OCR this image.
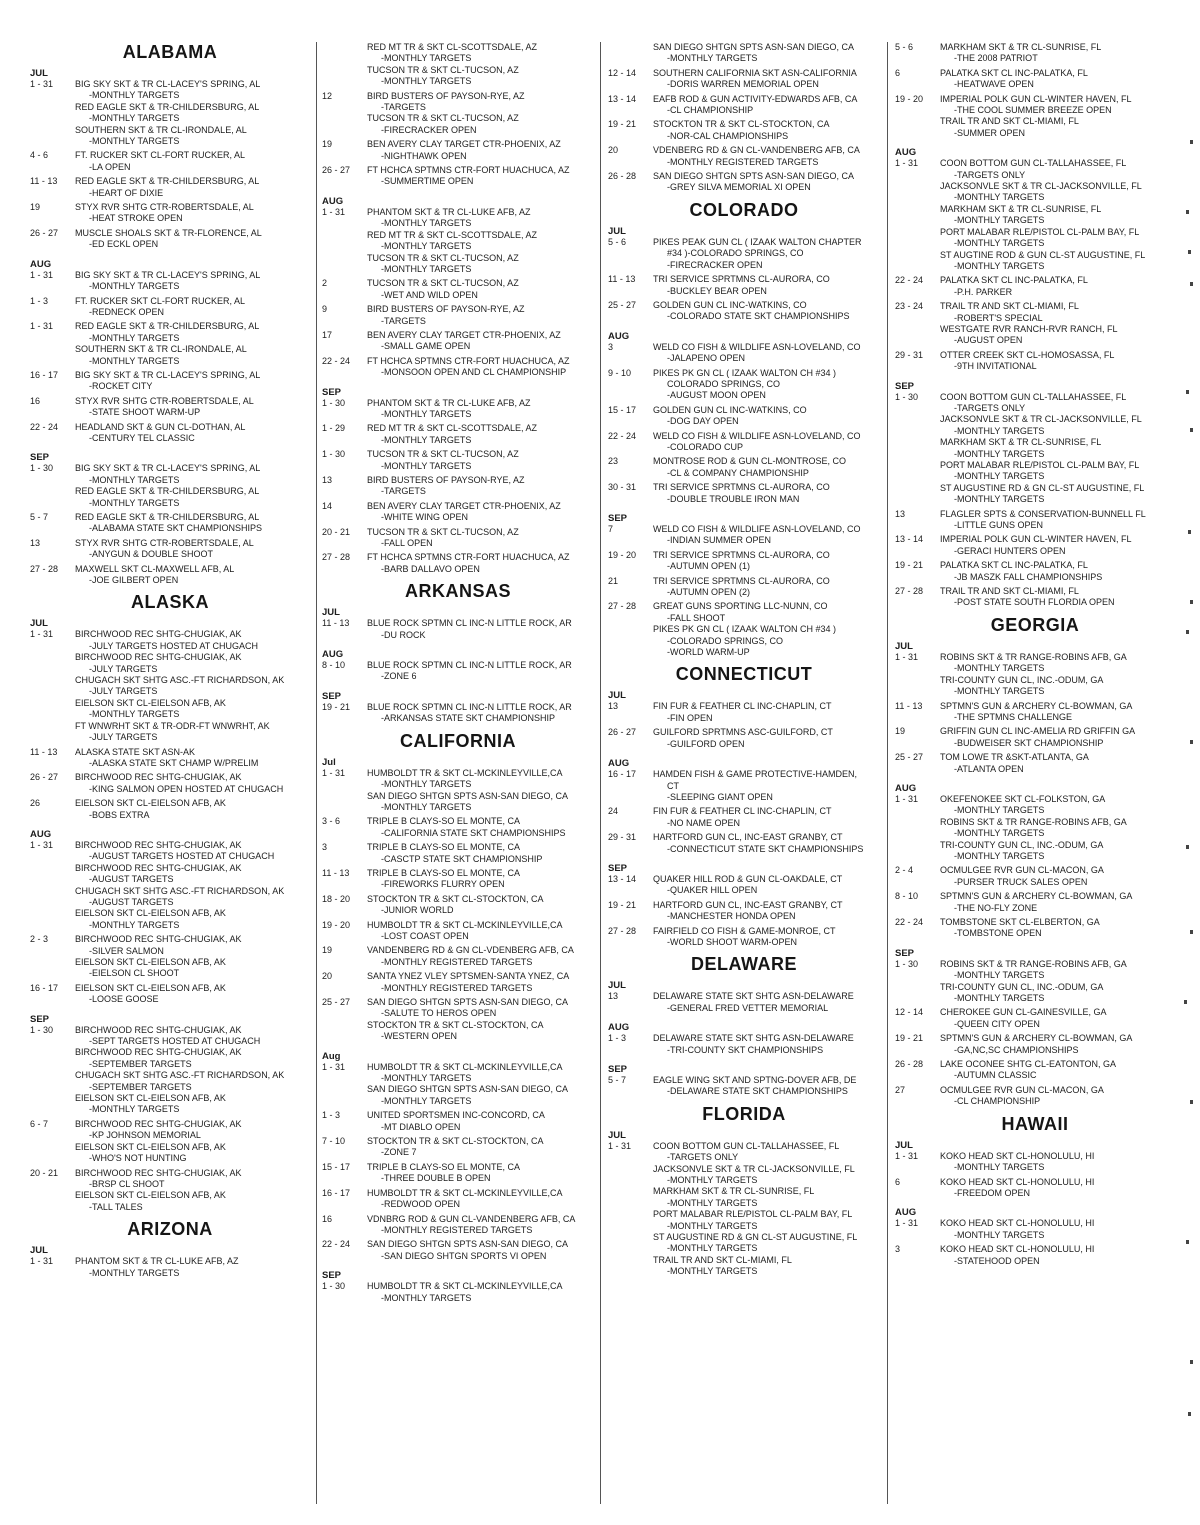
ALABAMA
JUL
1 - 31	BIG SKY SKT & TR CL-LACEY'S SPRING, AL
-MONTHLY TARGETS
RED EAGLE SKT & TR-CHILDERSBURG, AL
-MONTHLY TARGETS
SOUTHERN SKT & TR CL-IRONDALE, AL
-MONTHLY TARGETS
4 - 6	FT. RUCKER SKT CL-FORT RUCKER, AL
-LA OPEN
11 - 13	RED EAGLE SKT & TR-CHILDERSBURG, AL
-HEART OF DIXIE
19	STYX RVR SHTG CTR-ROBERTSDALE, AL
-HEAT STROKE OPEN
26 - 27	MUSCLE SHOALS SKT & TR-FLORENCE, AL
-ED ECKL OPEN
AUG
1 - 31	BIG SKY SKT & TR CL-LACEY'S SPRING, AL
-MONTHLY TARGETS
1 - 3	FT. RUCKER SKT CL-FORT RUCKER, AL
-REDNECK OPEN
1 - 31	RED EAGLE SKT & TR-CHILDERSBURG, AL
-MONTHLY TARGETS
SOUTHERN SKT & TR CL-IRONDALE, AL
-MONTHLY TARGETS
16 - 17	BIG SKY SKT & TR CL-LACEY'S SPRING, AL
-ROCKET CITY
16	STYX RVR SHTG CTR-ROBERTSDALE, AL
-STATE SHOOT WARM-UP
22 - 24	HEADLAND SKT & GUN CL-DOTHAN, AL
-CENTURY TEL CLASSIC
SEP
1 - 30	BIG SKY SKT & TR CL-LACEY'S SPRING, AL
-MONTHLY TARGETS
RED EAGLE SKT & TR-CHILDERSBURG, AL
-MONTHLY TARGETS
5 - 7	RED EAGLE SKT & TR-CHILDERSBURG, AL
-ALABAMA STATE SKT CHAMPIONSHIPS
13	STYX RVR SHTG CTR-ROBERTSDALE, AL
-ANYGUN & DOUBLE SHOOT
27 - 28	MAXWELL SKT CL-MAXWELL AFB, AL
-JOE GILBERT OPEN
ALASKA
JUL
1 - 31	BIRCHWOOD REC SHTG-CHUGIAK, AK
-JULY TARGETS HOSTED AT CHUGACH
BIRCHWOOD REC SHTG-CHUGIAK, AK
-JULY TARGETS
CHUGACH SKT SHTG ASC.-FT RICHARDSON, AK
-JULY TARGETS
EIELSON SKT CL-EIELSON AFB, AK
-MONTHLY TARGETS
FT WNWRHT SKT & TR-ODR-FT WNWRHT, AK
-JULY TARGETS
11 - 13	ALASKA STATE SKT ASN-AK
-ALASKA STATE SKT CHAMP W/PRELIM
26 - 27	BIRCHWOOD REC SHTG-CHUGIAK, AK
-KING SALMON OPEN HOSTED AT CHUGACH
26	EIELSON SKT CL-EIELSON AFB, AK
-BOBS EXTRA
AUG
1 - 31	BIRCHWOOD REC SHTG-CHUGIAK, AK
-AUGUST TARGETS HOSTED AT CHUGACH
BIRCHWOOD REC SHTG-CHUGIAK, AK
-AUGUST TARGETS
CHUGACH SKT SHTG ASC.-FT RICHARDSON, AK
-AUGUST TARGETS
EIELSON SKT CL-EIELSON AFB, AK
-MONTHLY TARGETS
2 - 3	BIRCHWOOD REC SHTG-CHUGIAK, AK
-SILVER SALMON
EIELSON SKT CL-EIELSON AFB, AK
-EIELSON CL SHOOT
16 - 17	EIELSON SKT CL-EIELSON AFB, AK
-LOOSE GOOSE
SEP
1 - 30	BIRCHWOOD REC SHTG-CHUGIAK, AK
-SEPT TARGETS HOSTED AT CHUGACH
BIRCHWOOD REC SHTG-CHUGIAK, AK
-SEPTEMBER TARGETS
CHUGACH SKT SHTG ASC.-FT RICHARDSON, AK
-SEPTEMBER TARGETS
EIELSON SKT CL-EIELSON AFB, AK
-MONTHLY TARGETS
6 - 7	BIRCHWOOD REC SHTG-CHUGIAK, AK
-KP JOHNSON MEMORIAL
EIELSON SKT CL-EIELSON AFB, AK
-WHO'S NOT HUNTING
20 - 21	BIRCHWOOD REC SHTG-CHUGIAK, AK
-BRSP CL SHOOT
EIELSON SKT CL-EIELSON AFB, AK
-TALL TALES
ARIZONA
JUL
1 - 31	PHANTOM SKT & TR CL-LUKE AFB, AZ
-MONTHLY TARGETS
RED MT TR & SKT CL-SCOTTSDALE, AZ
-MONTHLY TARGETS
TUCSON TR & SKT CL-TUCSON, AZ
-MONTHLY TARGETS
12	BIRD BUSTERS OF PAYSON-RYE, AZ
-TARGETS
TUCSON TR & SKT CL-TUCSON, AZ
-FIRECRACKER OPEN
19	BEN AVERY CLAY TARGET CTR-PHOENIX, AZ
-NIGHTHAWK OPEN
26 - 27	FT HCHCA SPTMNS CTR-FORT HUACHUCA, AZ
-SUMMERTIME OPEN
AUG
1 - 31	PHANTOM SKT & TR CL-LUKE AFB, AZ
-MONTHLY TARGETS
RED MT TR & SKT CL-SCOTTSDALE, AZ
-MONTHLY TARGETS
TUCSON TR & SKT CL-TUCSON, AZ
-MONTHLY TARGETS
2	TUCSON TR & SKT CL-TUCSON, AZ
-WET AND WILD OPEN
9	BIRD BUSTERS OF PAYSON-RYE, AZ
-TARGETS
17	BEN AVERY CLAY TARGET CTR-PHOENIX, AZ
-SMALL GAME OPEN
22 - 24	FT HCHCA SPTMNS CTR-FORT HUACHUCA, AZ
-MONSOON OPEN AND CL CHAMPIONSHIP
SEP
1 - 30	PHANTOM SKT & TR CL-LUKE AFB, AZ
-MONTHLY TARGETS
1 - 29	RED MT TR & SKT CL-SCOTTSDALE, AZ
-MONTHLY TARGETS
1 - 30	TUCSON TR & SKT CL-TUCSON, AZ
-MONTHLY TARGETS
13	BIRD BUSTERS OF PAYSON-RYE, AZ
-TARGETS
14	BEN AVERY CLAY TARGET CTR-PHOENIX, AZ
-WHITE WING OPEN
20 - 21	TUCSON TR & SKT CL-TUCSON, AZ
-FALL OPEN
27 - 28	FT HCHCA SPTMNS CTR-FORT HUACHUCA, AZ
-BARB DALLAVO OPEN
ARKANSAS
JUL
11 - 13	BLUE ROCK SPTMN CL INC-N LITTLE ROCK, AR
-DU ROCK
AUG
8 - 10	BLUE ROCK SPTMN CL INC-N LITTLE ROCK, AR
-ZONE 6
SEP
19 - 21	BLUE ROCK SPTMN CL INC-N LITTLE ROCK, AR
-ARKANSAS STATE SKT CHAMPIONSHIP
CALIFORNIA
Jul
1 - 31	HUMBOLDT TR & SKT CL-MCKINLEYVILLE,CA
-MONTHLY TARGETS
SAN DIEGO SHTGN SPTS ASN-SAN DIEGO, CA
-MONTHLY TARGETS
3 - 6	TRIPLE B CLAYS-SO EL MONTE, CA
-CALIFORNIA STATE SKT CHAMPIONSHIPS
3	TRIPLE B CLAYS-SO EL MONTE, CA
-CASCTP STATE SKT CHAMPIONSHIP
11 - 13	TRIPLE B CLAYS-SO EL MONTE, CA
-FIREWORKS FLURRY OPEN
18 - 20	STOCKTON TR & SKT CL-STOCKTON, CA
-JUNIOR WORLD
19 - 20	HUMBOLDT TR & SKT CL-MCKINLEYVILLE,CA
-LOST COAST OPEN
19	VANDENBERG RD & GN CL-VDENBERG AFB, CA
-MONTHLY REGISTERED TARGETS
20	SANTA YNEZ VLEY SPTSMEN-SANTA YNEZ, CA
-MONTHLY REGISTERED TARGETS
25 - 27	SAN DIEGO SHTGN SPTS ASN-SAN DIEGO, CA
-SALUTE TO HEROS OPEN
STOCKTON TR & SKT CL-STOCKTON, CA
-WESTERN OPEN
Aug
1 - 31	HUMBOLDT TR & SKT CL-MCKINLEYVILLE,CA
-MONTHLY TARGETS
SAN DIEGO SHTGN SPTS ASN-SAN DIEGO, CA
-MONTHLY TARGETS
1 - 3	UNITED SPORTSMEN INC-CONCORD, CA
-MT DIABLO OPEN
7 - 10	STOCKTON TR & SKT CL-STOCKTON, CA
-ZONE 7
15 - 17	TRIPLE B CLAYS-SO EL MONTE, CA
-THREE DOUBLE B OPEN
16 - 17	HUMBOLDT TR & SKT CL-MCKINLEYVILLE,CA
-REDWOOD OPEN
16	VDNBRG ROD & GUN CL-VANDENBERG AFB, CA
-MONTHLY REGISTERED TARGETS
22 - 24	SAN DIEGO SHTGN SPTS ASN-SAN DIEGO, CA
-SAN DIEGO SHTGN SPORTS VI OPEN
SEP
1 - 30	HUMBOLDT TR & SKT CL-MCKINLEYVILLE,CA
-MONTHLY TARGETS
SAN DIEGO SHTGN SPTS ASN-SAN DIEGO, CA
-MONTHLY TARGETS
12 - 14	SOUTHERN CALIFORNIA SKT ASN-CALIFORNIA
-DORIS WARREN MEMORIAL OPEN
13 - 14	EAFB ROD & GUN ACTIVITY-EDWARDS AFB, CA
-CL CHAMPIONSHIP
19 - 21	STOCKTON TR & SKT CL-STOCKTON, CA
-NOR-CAL CHAMPIONSHIPS
20	VDENBERG RD & GN CL-VANDENBERG AFB, CA
-MONTHLY REGISTERED TARGETS
26 - 28	SAN DIEGO SHTGN SPTS ASN-SAN DIEGO, CA
-GREY SILVA MEMORIAL XI OPEN
COLORADO
JUL
5 - 6	PIKES PEAK GUN CL ( IZAAK WALTON CHAPTER
#34 )-COLORADO SPRINGS, CO
-FIRECRACKER OPEN
11 - 13	TRI SERVICE SPRTMNS CL-AURORA, CO
-BUCKLEY BEAR OPEN
25 - 27	GOLDEN GUN CL INC-WATKINS, CO
-COLORADO STATE SKT CHAMPIONSHIPS
AUG
3	WELD CO FISH & WILDLIFE ASN-LOVELAND, CO
-JALAPENO OPEN
9 - 10	PIKES PK GN CL ( IZAAK WALTON CH #34 )
COLORADO SPRINGS, CO
-AUGUST MOON OPEN
15 - 17	GOLDEN GUN CL INC-WATKINS, CO
-DOG DAY OPEN
22 - 24	WELD CO FISH & WILDLIFE ASN-LOVELAND, CO
-COLORADO CUP
23	MONTROSE ROD & GUN CL-MONTROSE, CO
-CL & COMPANY CHAMPIONSHIP
30 - 31	TRI SERVICE SPRTMNS CL-AURORA, CO
-DOUBLE TROUBLE IRON MAN
SEP
7	WELD CO FISH & WILDLIFE ASN-LOVELAND, CO
-INDIAN SUMMER OPEN
19 - 20	TRI SERVICE SPRTMNS CL-AURORA, CO
-AUTUMN OPEN (1)
21	TRI SERVICE SPRTMNS CL-AURORA, CO
-AUTUMN OPEN (2)
27 - 28	GREAT GUNS SPORTING LLC-NUNN, CO
-FALL SHOOT
PIKES PK GN CL ( IZAAK WALTON CH #34 )
-COLORADO SPRINGS, CO
-WORLD WARM-UP
CONNECTICUT
JUL
13	FIN FUR & FEATHER CL INC-CHAPLIN, CT
-FIN OPEN
26 - 27	GUILFORD SPRTMNS ASC-GUILFORD, CT
-GUILFORD OPEN
AUG
16 - 17	HAMDEN FISH & GAME PROTECTIVE-HAMDEN,
CT
-SLEEPING GIANT OPEN
24	FIN FUR & FEATHER CL INC-CHAPLIN, CT
-NO NAME OPEN
29 - 31	HARTFORD GUN CL, INC-EAST GRANBY, CT
-CONNECTICUT STATE SKT CHAMPIONSHIPS
SEP
13 - 14	QUAKER HILL ROD & GUN CL-OAKDALE, CT
-QUAKER HILL OPEN
19 - 21	HARTFORD GUN CL, INC-EAST GRANBY, CT
-MANCHESTER HONDA OPEN
27 - 28	FAIRFIELD CO FISH & GAME-MONROE, CT
-WORLD SHOOT WARM-OPEN
DELAWARE
JUL
13	DELAWARE STATE SKT SHTG ASN-DELAWARE
-GENERAL FRED VETTER MEMORIAL
AUG
1 - 3	DELAWARE STATE SKT SHTG ASN-DELAWARE
-TRI-COUNTY SKT CHAMPIONSHIPS
SEP
5 - 7	EAGLE WING SKT AND SPTNG-DOVER AFB, DE
-DELAWARE STATE SKT CHAMPIONSHIPS
FLORIDA
JUL
1 - 31	COON BOTTOM GUN CL-TALLAHASSEE, FL
-TARGETS ONLY
JACKSONVLE SKT & TR CL-JACKSONVILLE, FL
-MONTHLY TARGETS
MARKHAM SKT & TR CL-SUNRISE, FL
-MONTHLY TARGETS
PORT MALABAR RLE/PISTOL CL-PALM BAY, FL
-MONTHLY TARGETS
ST AUGUSTINE RD & GN CL-ST AUGUSTINE, FL
-MONTHLY TARGETS
TRAIL TR AND SKT CL-MIAMI, FL
-MONTHLY TARGETS
5 - 6	MARKHAM SKT & TR CL-SUNRISE, FL
-THE 2008 PATRIOT
6	PALATKA SKT CL INC-PALATKA, FL
-HEATWAVE OPEN
19 - 20	IMPERIAL POLK GUN CL-WINTER HAVEN, FL
-THE COOL SUMMER BREEZE OPEN
TRAIL TR AND SKT CL-MIAMI, FL
-SUMMER OPEN
AUG
1 - 31	COON BOTTOM GUN CL-TALLAHASSEE, FL
-TARGETS ONLY
JACKSONVLE SKT & TR CL-JACKSONVILLE, FL
-MONTHLY TARGETS
MARKHAM SKT & TR CL-SUNRISE, FL
-MONTHLY TARGETS
PORT MALABAR RLE/PISTOL CL-PALM BAY, FL
-MONTHLY TARGETS
ST AUGTINE ROD & GUN CL-ST AUGUSTINE, FL
-MONTHLY TARGETS
22 - 24	PALATKA SKT CL INC-PALATKA, FL
-P.H. PARKER
23 - 24	TRAIL TR AND SKT CL-MIAMI, FL
-ROBERT'S SPECIAL
WESTGATE RVR RANCH-RVR RANCH, FL
-AUGUST OPEN
29 - 31	OTTER CREEK SKT CL-HOMOSASSA, FL
-9TH INVITATIONAL
SEP
1 - 30	COON BOTTOM GUN CL-TALLAHASSEE, FL
-TARGETS ONLY
JACKSONVLE SKT & TR CL-JACKSONVILLE, FL
-MONTHLY TARGETS
MARKHAM SKT & TR CL-SUNRISE, FL
-MONTHLY TARGETS
PORT MALABAR RLE/PISTOL CL-PALM BAY, FL
-MONTHLY TARGETS
ST AUGUSTINE RD & GN CL-ST AUGUSTINE, FL
-MONTHLY TARGETS
13	FLAGLER SPTS & CONSERVATION-BUNNELL FL
-LITTLE GUNS OPEN
13 - 14	IMPERIAL POLK GUN CL-WINTER HAVEN, FL
-GERACI HUNTERS OPEN
19 - 21	PALATKA SKT CL INC-PALATKA, FL
-JB MASZK FALL CHAMPIONSHIPS
27 - 28	TRAIL TR AND SKT CL-MIAMI, FL
-POST STATE SOUTH FLORDIA OPEN
GEORGIA
JUL
1 - 31	ROBINS SKT & TR RANGE-ROBINS AFB, GA
-MONTHLY TARGETS
TRI-COUNTY GUN CL, INC.-ODUM, GA
-MONTHLY TARGETS
11 - 13	SPTMN'S GUN & ARCHERY CL-BOWMAN, GA
-THE SPTMNS CHALLENGE
19	GRIFFIN GUN CL INC-AMELIA RD GRIFFIN GA
-BUDWEISER SKT CHAMPIONSHIP
25 - 27	TOM LOWE TR &SKT-ATLANTA, GA
-ATLANTA OPEN
AUG
1 - 31	OKEFENOKEE SKT CL-FOLKSTON, GA
-MONTHLY TARGETS
ROBINS SKT & TR RANGE-ROBINS AFB, GA
-MONTHLY TARGETS
TRI-COUNTY GUN CL, INC.-ODUM, GA
-MONTHLY TARGETS
2 - 4	OCMULGEE RVR GUN CL-MACON, GA
-PURSER TRUCK SALES OPEN
8 - 10	SPTMN'S GUN & ARCHERY CL-BOWMAN, GA
-THE NO-FLY ZONE
22 - 24	TOMBSTONE SKT CL-ELBERTON, GA
-TOMBSTONE OPEN
SEP
1 - 30	ROBINS SKT & TR RANGE-ROBINS AFB, GA
-MONTHLY TARGETS
TRI-COUNTY GUN CL, INC.-ODUM, GA
-MONTHLY TARGETS
12 - 14	CHEROKEE GUN CL-GAINESVILLE, GA
-QUEEN CITY OPEN
19 - 21	SPTMN'S GUN & ARCHERY CL-BOWMAN, GA
-GA,NC,SC CHAMPIONSHIPS
26 - 28	LAKE OCONEE SHTG CL-EATONTON, GA
-AUTUMN CLASSIC
27	OCMULGEE RVR GUN CL-MACON, GA
-CL CHAMPIONSHIP
HAWAII
JUL
1 - 31	KOKO HEAD SKT CL-HONOLULU, HI
-MONTHLY TARGETS
6	KOKO HEAD SKT CL-HONOLULU, HI
-FREEDOM OPEN
AUG
1 - 31	KOKO HEAD SKT CL-HONOLULU, HI
-MONTHLY TARGETS
3	KOKO HEAD SKT CL-HONOLULU, HI
-STATEHOOD OPEN
